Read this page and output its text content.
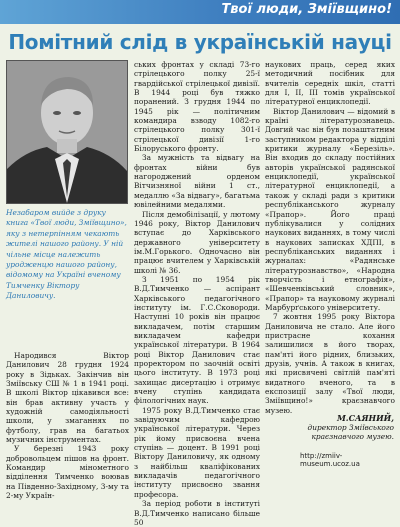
Твої люди, Зміївщино!
Помітний слід в українській науці
Незабаром вийде з друку книга «Твої люди, Зміївщино», яку з нетерпінням чекають жителі нашого району. У ній чільне місце належить уродженцю нашого району, відомому на Україні вченому Тимченку Віктору Даниловичу.

Народився Віктор Данилович 28 грудня 1924 року в Зідьках. Закінчив він Зміївську СШ № 1 в 1941 році. В школі Віктор цікавився все: він брав активну участь у художній самодіяльності школи, у змаганнях по футболу, грав на багатьох музичних інструментах.

У березні 1943 року добровольцем пішов на фронт. Командир мінометного відділення Тимченко воював на Південно-Західному, 3-му та 2-му Україн-

ських фронтах у складі 73-го стрілецького полку 25-ї гвардійської стрілецької дивізії. В 1944 році був тяжко поранений. З грудня 1944 по 1945 рік — політичним командира взводу 1082-го стрілецького полку 301-ї стрілецької дивізії 1-го Білоруського фронту.

За мужність та відвагу на фронтах війни був нагороджений орденом Вітчизняної війни 1 ст., медаллю «За відвагу», багатьма ювілейними медалями.

Після демобілізації, у лютому 1946 року, Віктор Данилович вступає до Харківського державного університету ім.М.Горького. Одночасно він працює вчителем у Харківській школі № 36.

З 1951 по 1954 рік В.Д.Тимченко — аспірант Харківського педагогічного інституту ім. Г.С.Сковороди. Наступні 10 років він працює викладачем, потім старшим викладачем кафедри української літератури. В 1964 році Віктор Данилович стає проректором по заочній освіті цього інституту. В 1973 році захищає дисертацію і отримує вчену ступінь кандидата філологічних наук.

1975 року В.Д.Тимченко стає завідуючим кафедрою української літератури. Через рік йому присвоєна вчена ступінь — доцент. В 1991 році Віктору Даниловичу, як одному з найбільш кваліфікованих викладачів педагогічного інституту присвоєно звання професора.

За період роботи в інституті В.Д.Тимченко написано більше 50

наукових праць, серед яких методичний посібник для вчителів середніх шкіл, статті для І, ІІ, ІІІ томів української літературної енциклопедії.

Віктор Данилович — відомий в країні літературознавець. Довгий час він був позаштатним заступником редактора у відділі критики журналу «Березіль». Він входив до складу постійних авторів української радянської енциклопедії, української літературної енциклопедії, а також у складі ради з критики республіканського журналу «Прапор». Його праці публікувалися у солідних наукових виданнях, в тому числі в наукових записках ХДПІ, в республіканських виданнях і журналах: «Радянське літературознавство», «Народна творчість і етнографія», «Шевченківський словник», «Прапор» та науковому журналі Марбурґського університету.

7 жовтня 1995 року Віктора Даниловича не стало. Але його пристрасне кохання залишилися в його творах, пам'яті його рідних, близьких, друзів, учнів. А також в книгах, які присвячені світлій пам'яті видатного вченого, та в експозиції залу «Твої люди, Зміївщино!» краєзнавчого музею.

М.САЯНИЙ,
директор Зміївського
краєзнавчого музею.
http://zmiiv-museum.ucoz.ua
